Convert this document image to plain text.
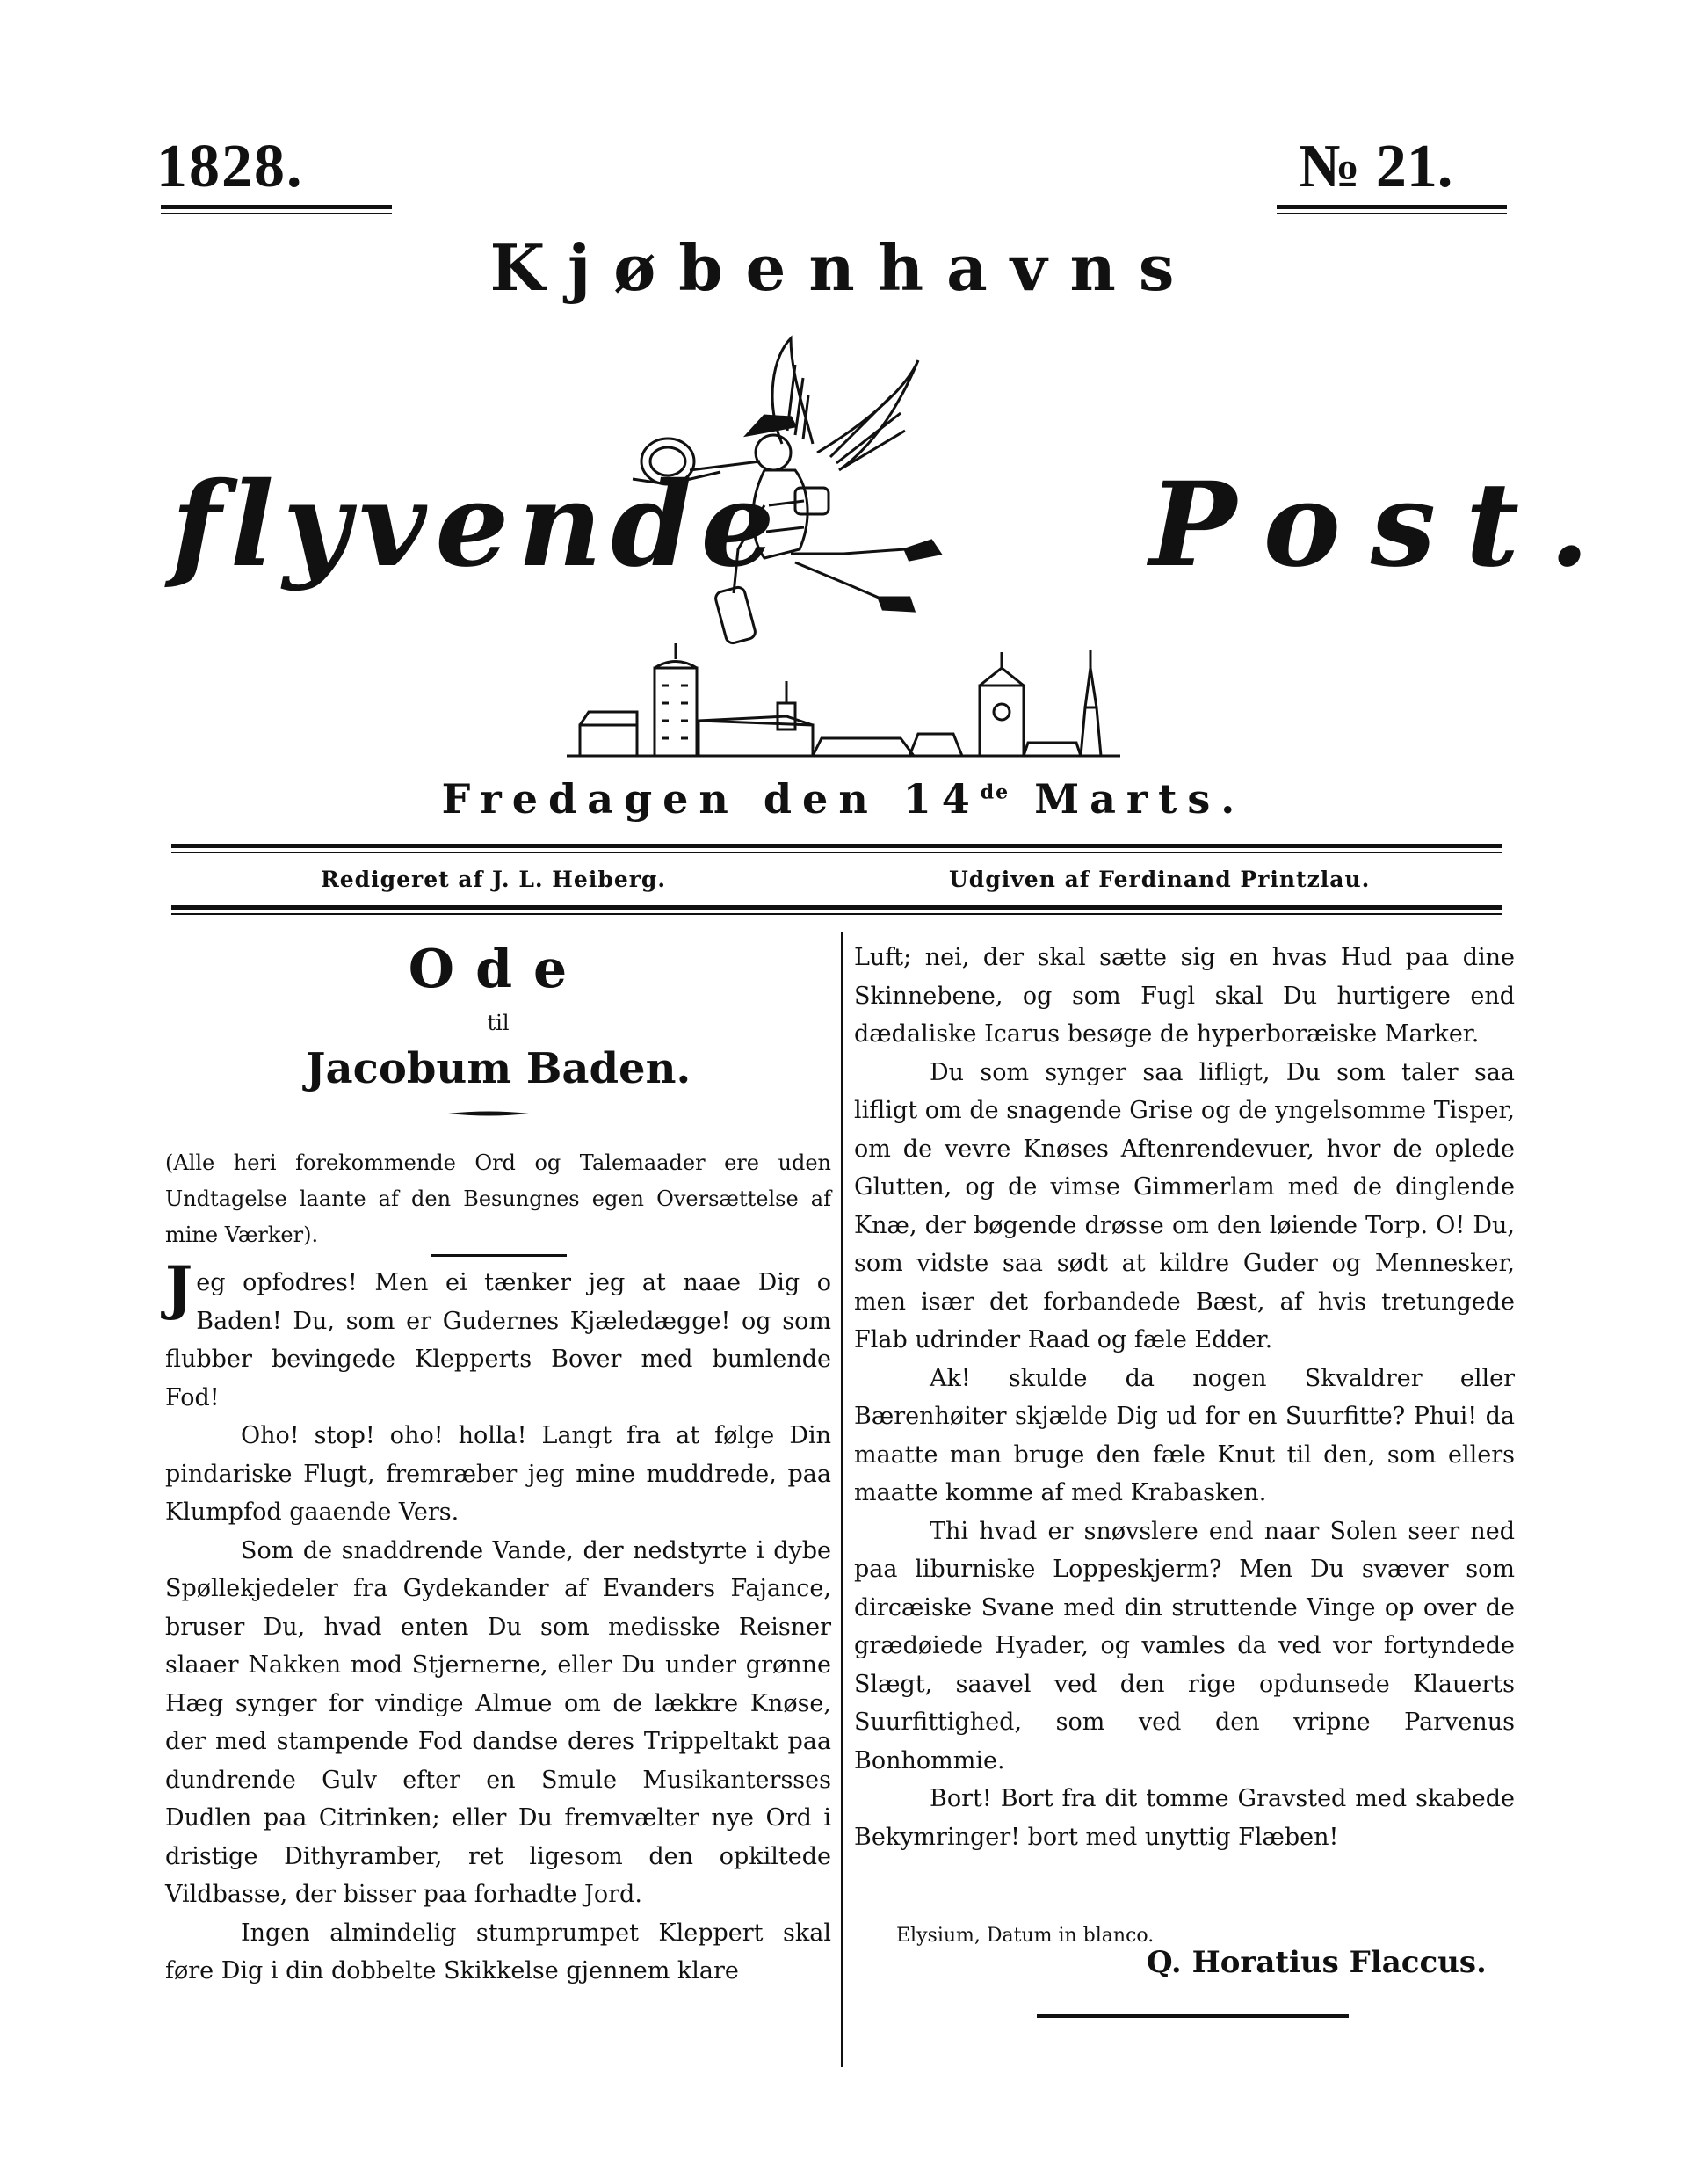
1828.	№ 21.
Kjøbenhavns
flyvende	Post.
Fredagen den 14de Marts.
Redigeret af J. L. Heiberg.	Udgiven af Ferdinand Printzlau.
Ode
til
Jacobum Baden.
(Alle heri forekommende Ord og Talemaader ere uden Undtagelse laante af den Besungnes egen Oversættelse af mine Værker).

Jeg opfodres! Men ei tænker jeg at naae Dig o Baden! Du, som er Gudernes Kjæledægge! og som flubber bevingede Klepperts Bover med bumlende Fod!

Oho! stop! oho! holla! Langt fra at følge Din pindariske Flugt, fremræber jeg mine muddrede, paa Klumpfod gaaende Vers.

Som de snaddrende Vande, der nedstyrte i dybe Spøllekjedeler fra Gydekander af Evanders Fajance, bruser Du, hvad enten Du som medisske Reisner slaaer Nakken mod Stjernerne, eller Du under grønne Hæg synger for vindige Almue om de lækkre Knøse, der med stampende Fod dandse deres Trippeltakt paa dundrende Gulv efter en Smule Musikantersses Dudlen paa Citrinken; eller Du fremvælter nye Ord i dristige Dithyramber, ret ligesom den opkiltede Vildbasse, der bisser paa forhadte Jord.

Ingen almindelig stumprumpet Kleppert skal føre Dig i din dobbelte Skikkelse gjennem klare

Luft; nei, der skal sætte sig en hvas Hud paa dine Skinnebene, og som Fugl skal Du hurtigere end dædaliske Icarus besøge de hyperboræiske Marker.

Du som synger saa lifligt, Du som taler saa lifligt om de snagende Grise og de yngelsomme Tisper, om de vevre Knøses Aftenrendevuer, hvor de oplede Glutten, og de vimse Gimmerlam med de dinglende Knæ, der bøgende drøsse om den løiende Torp. O! Du, som vidste saa sødt at kildre Guder og Mennesker, men især det forbandede Bæst, af hvis tretungede Flab udrinder Raad og fæle Edder.

Ak! skulde da nogen Skvaldrer eller Bærenhøiter skjælde Dig ud for en Suurfitte? Phui! da maatte man bruge den fæle Knut til den, som ellers maatte komme af med Krabasken.

Thi hvad er snøvslere end naar Solen seer ned paa liburniske Loppeskjerm? Men Du svæver som dircæiske Svane med din struttende Vinge op over de grædøiede Hyader, og vamles da ved vor fortyndede Slægt, saavel ved den rige opdunsede Klauerts Suurfittighed, som ved den vripne Parvenus Bonhommie.

Bort! Bort fra dit tomme Gravsted med skabede Bekymringer! bort med unyttig Flæben!

Elysium, Datum in blanco.
Q. Horatius Flaccus.
